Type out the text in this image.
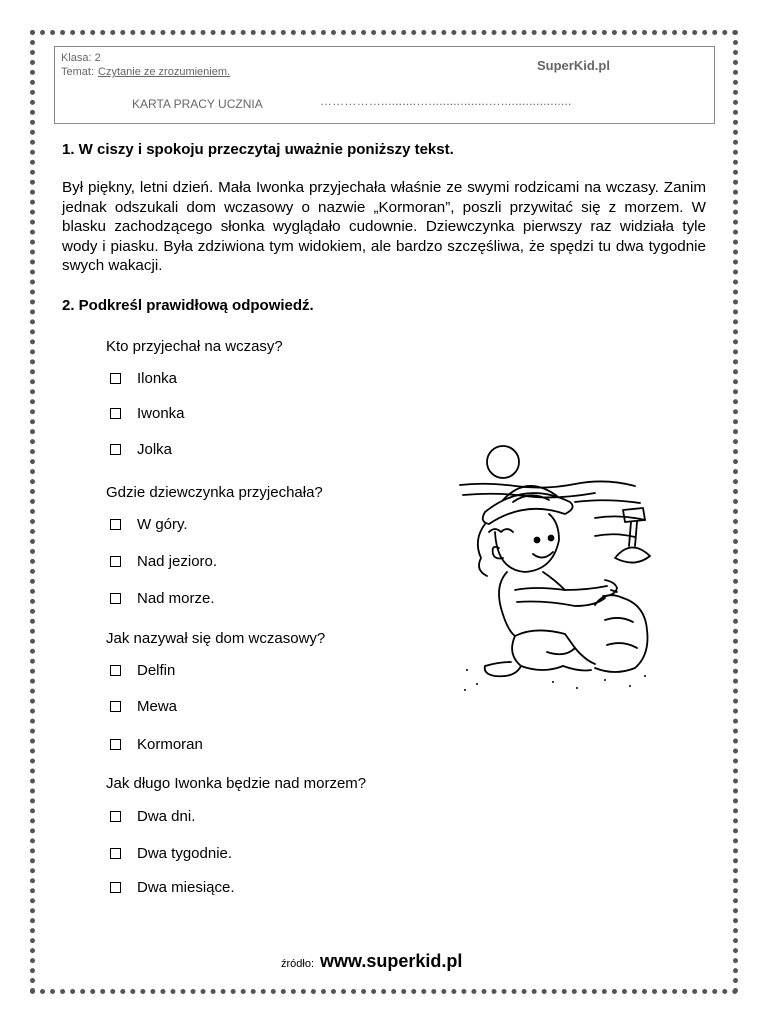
Klasa: 2
Temat: Czytanie ze zrozumieniem.	SuperKid.pl
KARTA PRACY UCZNIA	……………..........….................…....................
1. W ciszy i spokoju przeczytaj uważnie poniższy tekst.
Był piękny, letni dzień. Mała Iwonka przyjechała właśnie ze swymi rodzicami na wczasy. Zanim jednak odszukali dom wczasowy o nazwie „Kormoran”, poszli przywitać się z morzem. W blasku zachodzącego słonka wyglądało cudownie. Dziewczynka pierwszy raz widziała tyle wody i piasku. Była zdziwiona tym widokiem, ale bardzo szczęśliwa, że spędzi tu dwa tygodnie swych wakacji.
2. Podkreśl prawidłową odpowiedź.
Kto przyjechał na wczasy?
Ilonka
Iwonka
Jolka
Gdzie dziewczynka przyjechała?
W góry.
Nad jezioro.
Nad morze.
Jak nazywał się dom wczasowy?
Delfin
Mewa
Kormoran
Jak długo Iwonka będzie nad morzem?
Dwa dni.
Dwa tygodnie.
Dwa miesiące.
źródło: www.superkid.pl
